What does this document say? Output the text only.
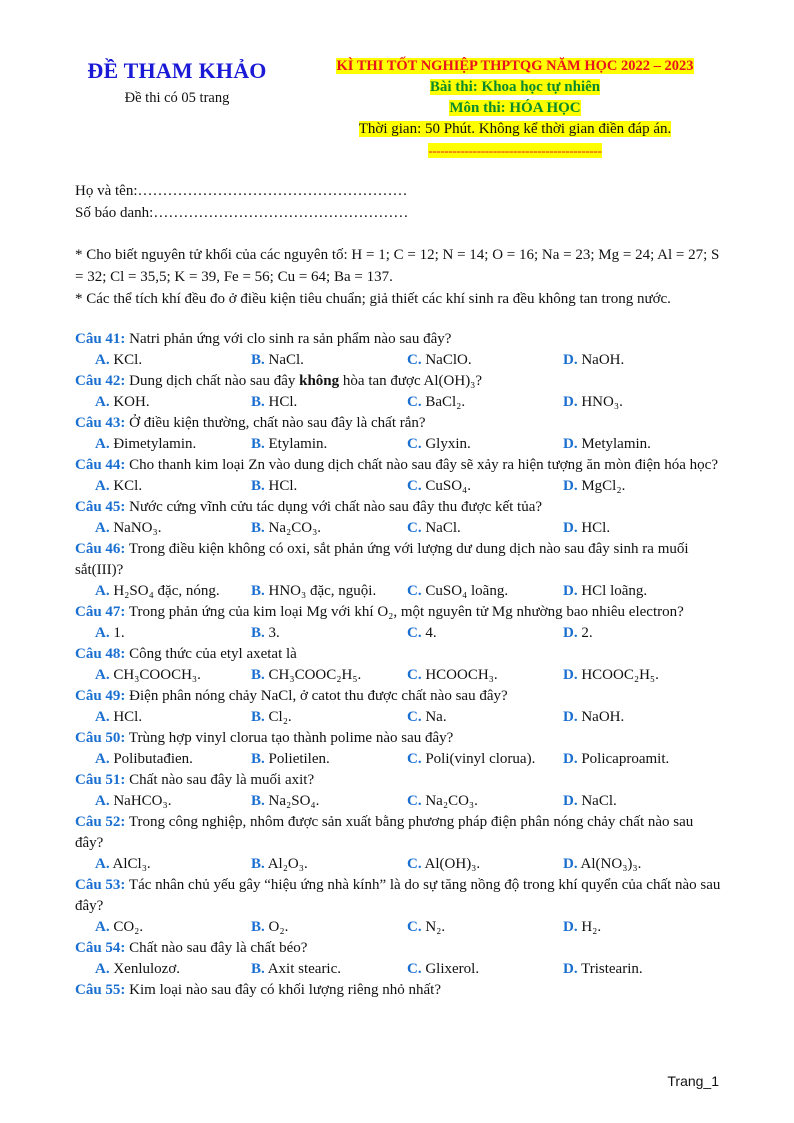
ĐỀ THAM KHẢO
Đề thi có 05 trang
KÌ THI TỐT NGHIỆP THPTQG NĂM HỌC 2022 – 2023
Bài thi: Khoa học tự nhiên
Môn thi: HÓA HỌC
Thời gian: 50 Phút. Không kể thời gian điền đáp án.
-------------------------------------------
Họ và tên:………………………………………………
Số báo danh:……………………………………………
* Cho biết nguyên tử khối của các nguyên tố: H = 1; C = 12; N = 14; O = 16; Na = 23; Mg = 24; Al = 27; S = 32; Cl = 35,5; K = 39, Fe = 56; Cu = 64; Ba = 137.
* Các thể tích khí đều đo ở điều kiện tiêu chuẩn; giả thiết các khí sinh ra đều không tan trong nước.
Câu 41: Natri phản ứng với clo sinh ra sản phẩm nào sau đây?
A. KCl.	B. NaCl.	C. NaClO.	D. NaOH.
Câu 42: Dung dịch chất nào sau đây không hòa tan được Al(OH)₃?
A. KOH.	B. HCl.	C. BaCl₂.	D. HNO₃.
Câu 43: Ở điều kiện thường, chất nào sau đây là chất rắn?
A. Đimetylamin.	B. Etylamin.	C. Glyxin.	D. Metylamin.
Câu 44: Cho thanh kim loại Zn vào dung dịch chất nào sau đây sẽ xảy ra hiện tượng ăn mòn điện hóa học?
A. KCl.	B. HCl.	C. CuSO₄.	D. MgCl₂.
Câu 45: Nước cứng vĩnh cửu tác dụng với chất nào sau đây thu được kết tủa?
A. NaNO₃.	B. Na₂CO₃.	C. NaCl.	D. HCl.
Câu 46: Trong điều kiện không có oxi, sắt phản ứng với lượng dư dung dịch nào sau đây sinh ra muối sắt(III)?
A. H₂SO₄ đặc, nóng.	B. HNO₃ đặc, nguội.	C. CuSO₄ loãng.	D. HCl loãng.
Câu 47: Trong phản ứng của kim loại Mg với khí O₂, một nguyên tử Mg nhường bao nhiêu electron?
A. 1.	B. 3.	C. 4.	D. 2.
Câu 48: Công thức của etyl axetat là
A. CH₃COOCH₃.	B. CH₃COOC₂H₅.	C. HCOOCH₃.	D. HCOOC₂H₅.
Câu 49: Điện phân nóng chảy NaCl, ở catot thu được chất nào sau đây?
A. HCl.	B. Cl₂.	C. Na.	D. NaOH.
Câu 50: Trùng hợp vinyl clorua tạo thành polime nào sau đây?
A. Polibutađien.	B. Polietilen.	C. Poli(vinyl clorua).	D. Policaproamit.
Câu 51: Chất nào sau đây là muối axit?
A. NaHCO₃.	B. Na₂SO₄.	C. Na₂CO₃.	D. NaCl.
Câu 52: Trong công nghiệp, nhôm được sản xuất bằng phương pháp điện phân nóng chảy chất nào sau đây?
A. AlCl₃.	B. Al₂O₃.	C. Al(OH)₃.	D. Al(NO₃)₃.
Câu 53: Tác nhân chủ yếu gây “hiệu ứng nhà kính” là do sự tăng nồng độ trong khí quyển của chất nào sau đây?
A. CO₂.	B. O₂.	C. N₂.	D. H₂.
Câu 54: Chất nào sau đây là chất béo?
A. Xenlulozơ.	B. Axit stearic.	C. Glixerol.	D. Tristearin.
Câu 55: Kim loại nào sau đây có khối lượng riêng nhỏ nhất?
Trang_1
